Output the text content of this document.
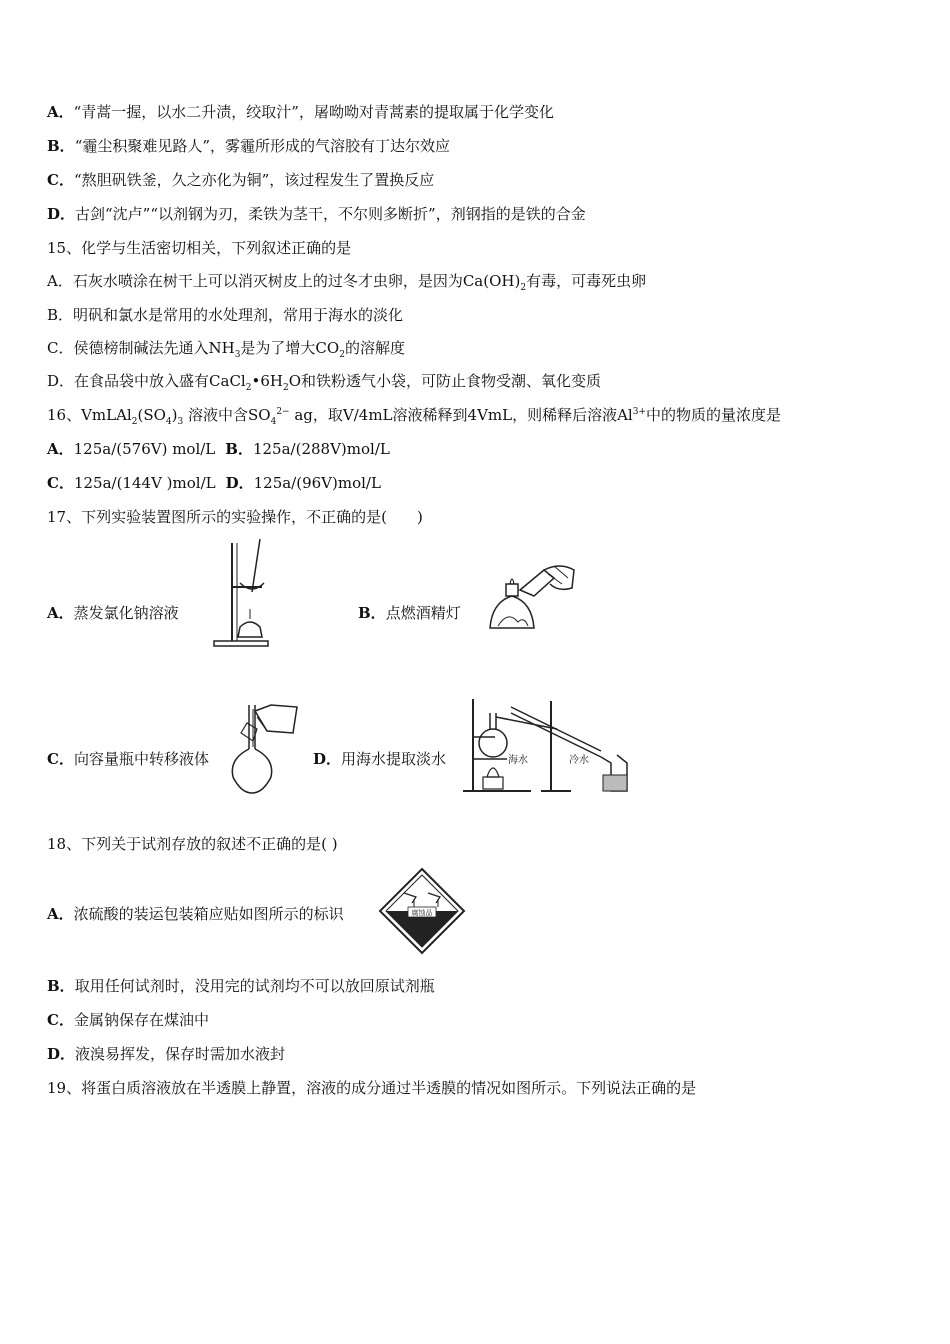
A．“青蒿一握，以水二升渍，绞取汁”，屠呦呦对青蒿素的提取属于化学变化
B．“霾尘积聚难见路人”，雾霾所形成的气溶胶有丁达尔效应
C．“熬胆矾铁釜，久之亦化为铜”，该过程发生了置换反应
D．古剑“沈卢”“以剂钢为刃，柔铁为茎干，不尔则多断折”，剂钢指的是铁的合金
15、化学与生活密切相关，下列叙述正确的是
A．石灰水喷涂在树干上可以消灭树皮上的过冬才虫卵，是因为$Ca(OH)_2$有毒，可毒死虫卵
B．明矾和氯水是常用的水处理剂，常用于海水的淡化
C．侯德榜制碱法先通入$NH_3$是为了增大$CO_2$的溶解度
D．在食品袋中放入盛有$CaCl_2•6H_2O$和铁粉透气小袋，可防止食物受潮、氧化变质
16、$VmLAl_2(SO_4)_3$ 溶液中含$SO_4^{2-}$ ag，取V/4mL溶液稀释到4VmL，则稀释后溶液$Al^{3+}$中的物质的量浓度是
A．125a/(576V) mol/L B．125a/(288V)mol/L
C．125a/(144V )mol/L D．125a/(96V)mol/L
17、下列实验装置图所示的实验操作，不正确的是(　　)
A．蒸发氯化钠溶液	B．点燃酒精灯
C．向容量瓶中转移液体	D．用海水提取淡水	海水	冷水
18、下列关于试剂存放的叙述不正确的是( )
A．浓硫酸的装运包装箱应贴如图所示的标识	腐蚀品
B．取用任何试剂时，没用完的试剂均不可以放回原试剂瓶
C．金属钠保存在煤油中
D．液溴易挥发，保存时需加水液封
19、将蛋白质溶液放在半透膜上静置，溶液的成分通过半透膜的情况如图所示。下列说法正确的是
